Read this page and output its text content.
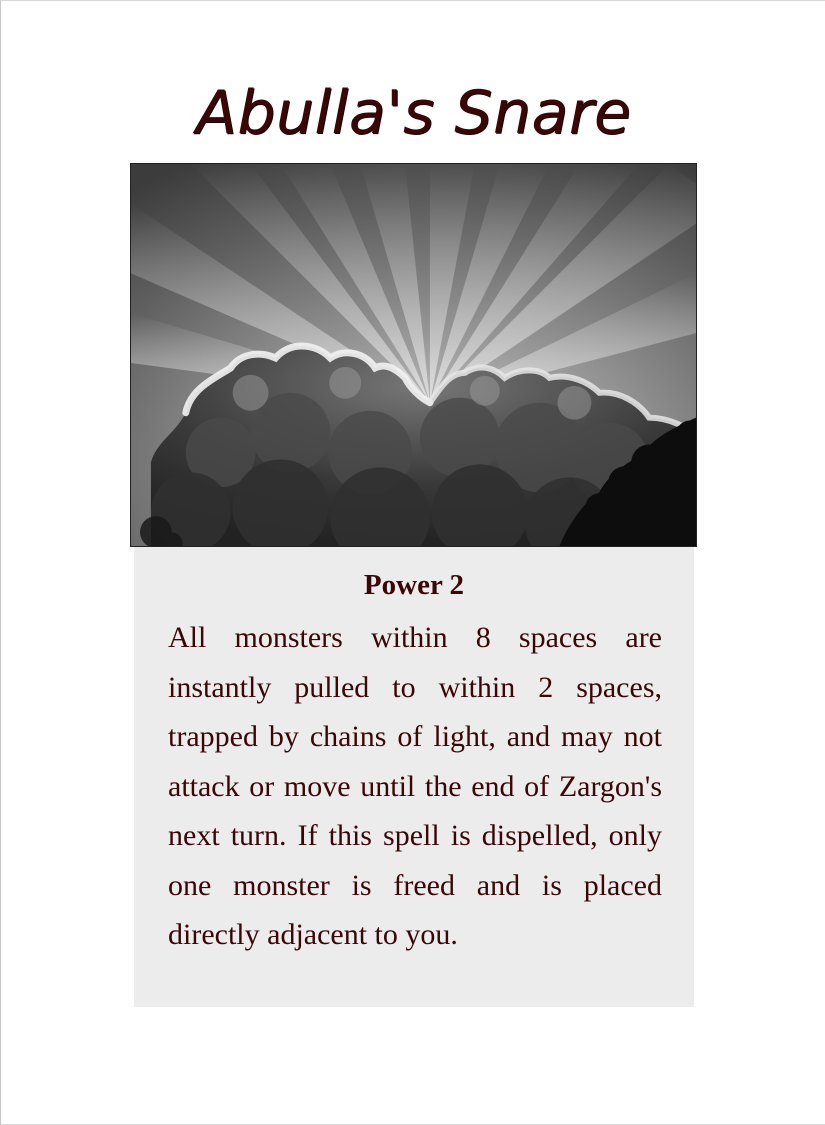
Abulla's Snare
Power 2

All monsters within 8 spaces are instantly pulled to within 2 spaces, trapped by chains of light, and may not attack or move until the end of Zargon's next turn. If this spell is dispelled, only one monster is freed and is placed directly adjacent to you.
